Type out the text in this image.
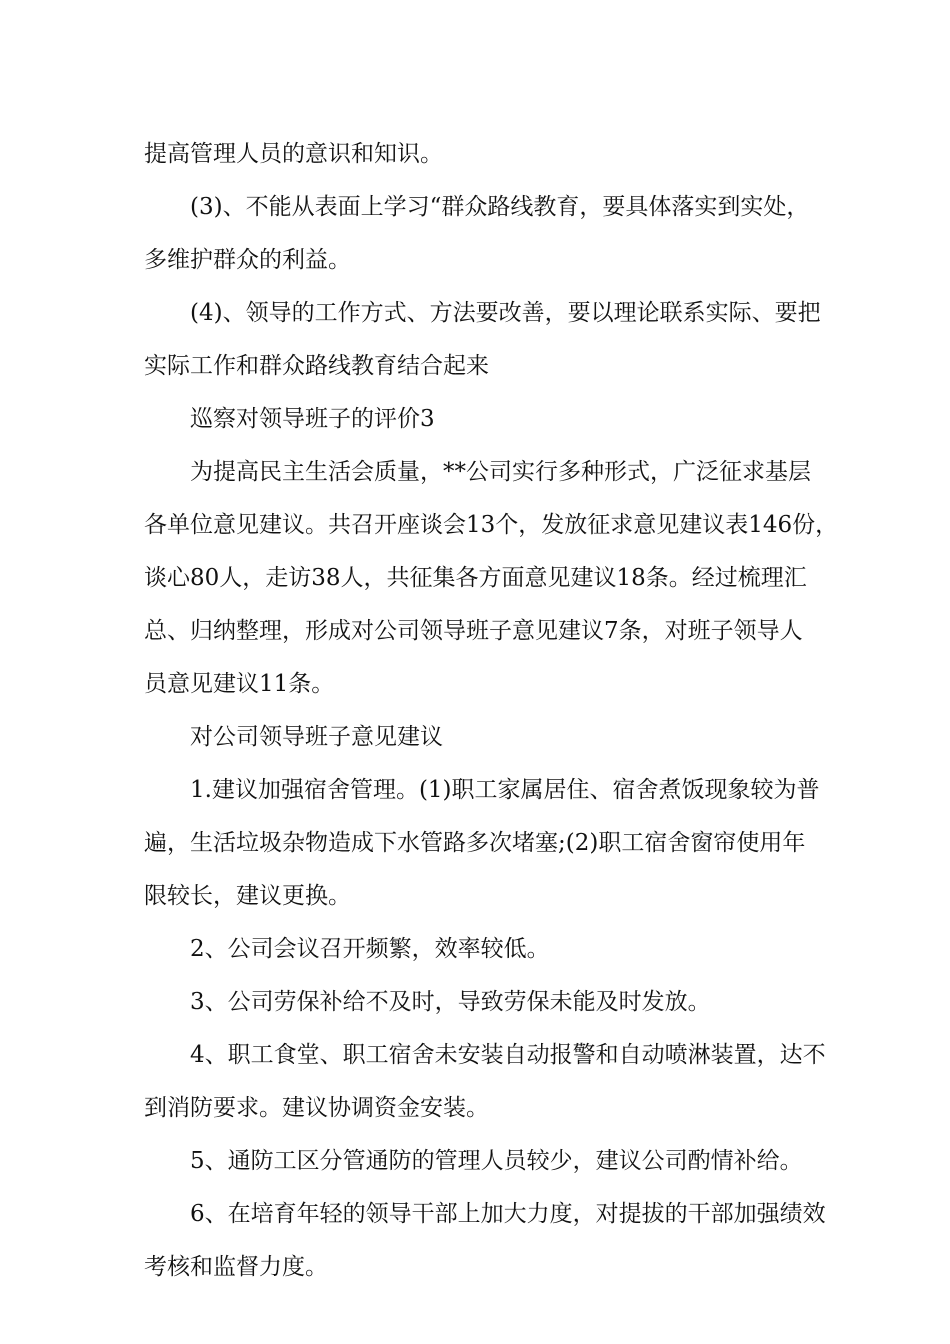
提高管理人员的意识和知识。
(3)、不能从表面上学习“群众路线教育，要具体落实到实处，
多维护群众的利益。
(4)、领导的工作方式、方法要改善，要以理论联系实际、要把
实际工作和群众路线教育结合起来
巡察对领导班子的评价3
为提高民主生活会质量，**公司实行多种形式，广泛征求基层
各单位意见建议。共召开座谈会13个，发放征求意见建议表146份，
谈心80人，走访38人，共征集各方面意见建议18条。经过梳理汇
总、归纳整理，形成对公司领导班子意见建议7条，对班子领导人
员意见建议11条。
对公司领导班子意见建议
1.建议加强宿舍管理。(1)职工家属居住、宿舍煮饭现象较为普
遍，生活垃圾杂物造成下水管路多次堵塞;(2)职工宿舍窗帘使用年
限较长，建议更换。
2、公司会议召开频繁，效率较低。
3、公司劳保补给不及时，导致劳保未能及时发放。
4、职工食堂、职工宿舍未安装自动报警和自动喷淋装置，达不
到消防要求。建议协调资金安装。
5、通防工区分管通防的管理人员较少，建议公司酌情补给。
6、在培育年轻的领导干部上加大力度，对提拔的干部加强绩效
考核和监督力度。
